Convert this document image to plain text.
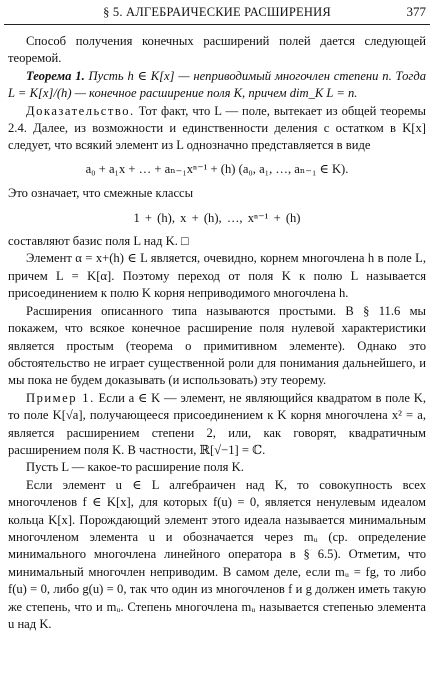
§ 5. АЛГЕБРАИЧЕСКИЕ РАСШИРЕНИЯ	377

Способ получения конечных расширений полей дается следующей теоремой.

Теорема 1. Пусть h ∈ K[x] — неприводимый многочлен степени n. Тогда L = K[x]/(h) — конечное расширение поля K, причем dim_K L = n.

Доказательство. Тот факт, что L — поле, вытекает из общей теоремы 2.4. Далее, из возможности и единственности деления с остатком в K[x] следует, что всякий элемент из L однозначно представляется в виде

a₀ + a₁x + … + aₙ₋₁xⁿ⁻¹ + (h) (a₀, a₁, …, aₙ₋₁ ∈ K).

Это означает, что смежные классы

1 + (h), x + (h), …, xⁿ⁻¹ + (h)

составляют базис поля L над K. □

Элемент α = x+(h) ∈ L является, очевидно, корнем многочлена h в поле L, причем L = K[α]. Поэтому переход от поля K к полю L называется присоединением к полю K корня неприводимого многочлена h.

Расширения описанного типа называются простыми. В § 11.6 мы покажем, что всякое конечное расширение поля нулевой характеристики является простым (теорема о примитивном элементе). Однако это обстоятельство не играет существенной роли для понимания дальнейшего, и мы пока не будем доказывать (и использовать) эту теорему.

Пример 1. Если a ∈ K — элемент, не являющийся квадратом в поле K, то поле K[√a], получающееся присоединением к K корня многочлена x² = a, является расширением степени 2, или, как говорят, квадратичным расширением поля K. В частности, ℝ[√−1] = ℂ.

Пусть L — какое-то расширение поля K.

Если элемент u ∈ L алгебраичен над K, то совокупность всех многочленов f ∈ K[x], для которых f(u) = 0, является ненулевым идеалом кольца K[x]. Порождающий элемент этого идеала называется минимальным многочленом элемента u и обозначается через mᵤ (ср. определение минимального многочлена линейного оператора в § 6.5). Отметим, что минимальный многочлен неприводим. В самом деле, если mᵤ = fg, то либо f(u) = 0, либо g(u) = 0, так что один из многочленов f и g должен иметь такую же степень, что и mᵤ. Степень многочлена mᵤ называется степенью элемента u над K.
